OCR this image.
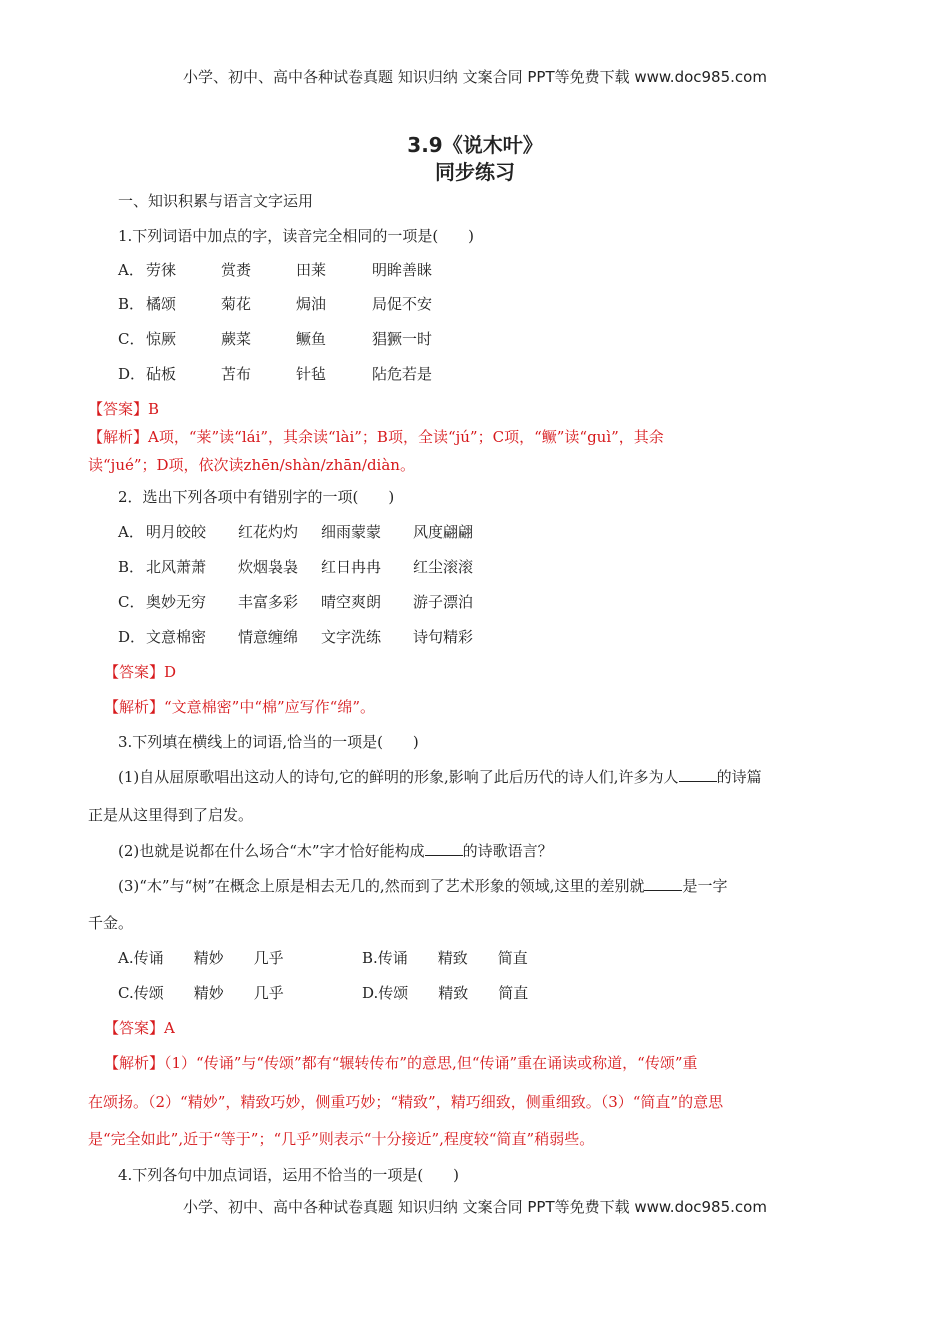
小学、初中、高中各种试卷真题 知识归纳 文案合同 PPT等免费下载 www.doc985.com
3.9《说木叶》
同步练习
一、知识积累与语言文字运用
1.下列词语中加点的字，读音完全相同的一项是(　　)
A． 劳徕	赏赉	田莱	明眸善睐
B． 橘颂	菊花	焗油	局促不安
C． 惊厥	蕨菜	鳜鱼	猖獗一时
D． 砧板	苫布	针毡	阽危若是
【答案】B
【解析】A项，“莱”读“lái”，其余读“lài”；B项，全读“jú”；C项，“鳜”读“guì”，其余
读“jué”；D项，依次读zhēn/shàn/zhān/diàn。
2．选出下列各项中有错别字的一项(　　)
A． 明月皎皎 红花灼灼 细雨蒙蒙 风度翩翩
B． 北风萧萧 炊烟袅袅 红日冉冉 红尘滚滚
C． 奥妙无穷 丰富多彩 晴空爽朗 游子漂泊
D． 文意棉密 情意缠绵 文字洗练 诗句精彩
【答案】D
【解析】“文意棉密”中“棉”应写作“绵”。
3.下列填在横线上的词语,恰当的一项是(　　)
(1)自从屈原歌唱出这动人的诗句,它的鲜明的形象,影响了此后历代的诗人们,许多为人	的诗篇
正是从这里得到了启发。
(2)也就是说都在什么场合“木”字才恰好能构成	的诗歌语言？
(3)“木”与“树”在概念上原是相去无几的,然而到了艺术形象的领域,这里的差别就	是一字
千金。
A.传诵　　精妙　　几乎	B.传诵　　精致　　简直
C.传颂　　精妙　　几乎	D.传颂　　精致　　简直
【答案】A
【解析】（1）“传诵”与“传颂”都有“辗转传布”的意思,但“传诵”重在诵读或称道，“传颂”重
在颂扬。（2）“精妙”，精致巧妙，侧重巧妙；“精致”，精巧细致，侧重细致。（3）“简直”的意思
是“完全如此”,近于“等于”；“几乎”则表示“十分接近”,程度较“简直”稍弱些。
4.下列各句中加点词语，运用不恰当的一项是(　　)
小学、初中、高中各种试卷真题 知识归纳 文案合同 PPT等免费下载 www.doc985.com
